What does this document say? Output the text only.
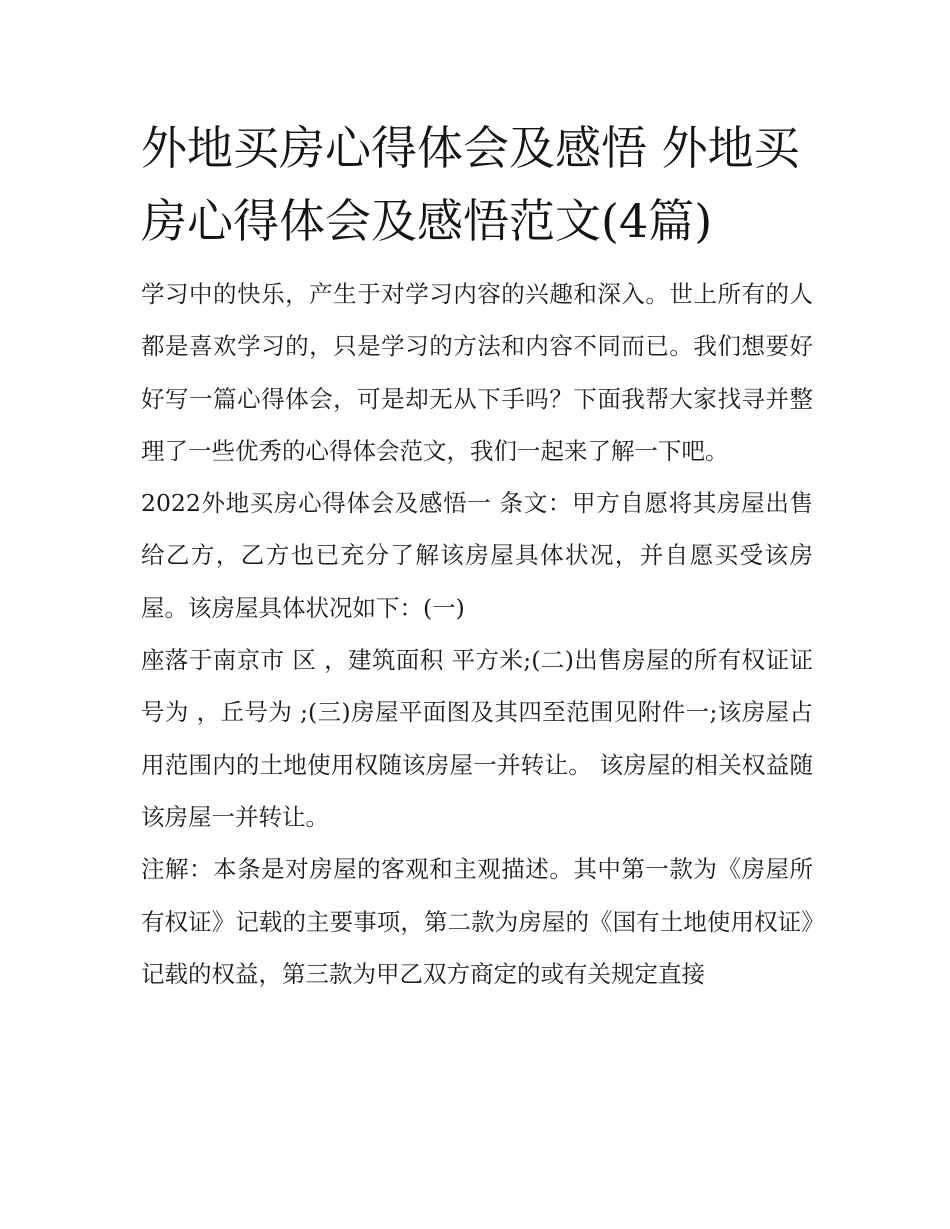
外地买房心得体会及感悟 外地买房心得体会及感悟范文(4篇)

学习中的快乐，产生于对学习内容的兴趣和深入。世上所有的人都是喜欢学习的，只是学习的方法和内容不同而已。我们想要好好写一篇心得体会，可是却无从下手吗？下面我帮大家找寻并整理了一些优秀的心得体会范文，我们一起来了解一下吧。

2022外地买房心得体会及感悟一 条文：甲方自愿将其房屋出售给乙方，乙方也已充分了解该房屋具体状况，并自愿买受该房屋。该房屋具体状况如下：(一)

座落于南京市 区 ，建筑面积 平方米;(二)出售房屋的所有权证证号为 ，丘号为 ;(三)房屋平面图及其四至范围见附件一;该房屋占用范围内的土地使用权随该房屋一并转让。 该房屋的相关权益随该房屋一并转让。

注解：本条是对房屋的客观和主观描述。其中第一款为《房屋所有权证》记载的主要事项，第二款为房屋的《国有土地使用权证》记载的权益，第三款为甲乙双方商定的或有关规定直接
